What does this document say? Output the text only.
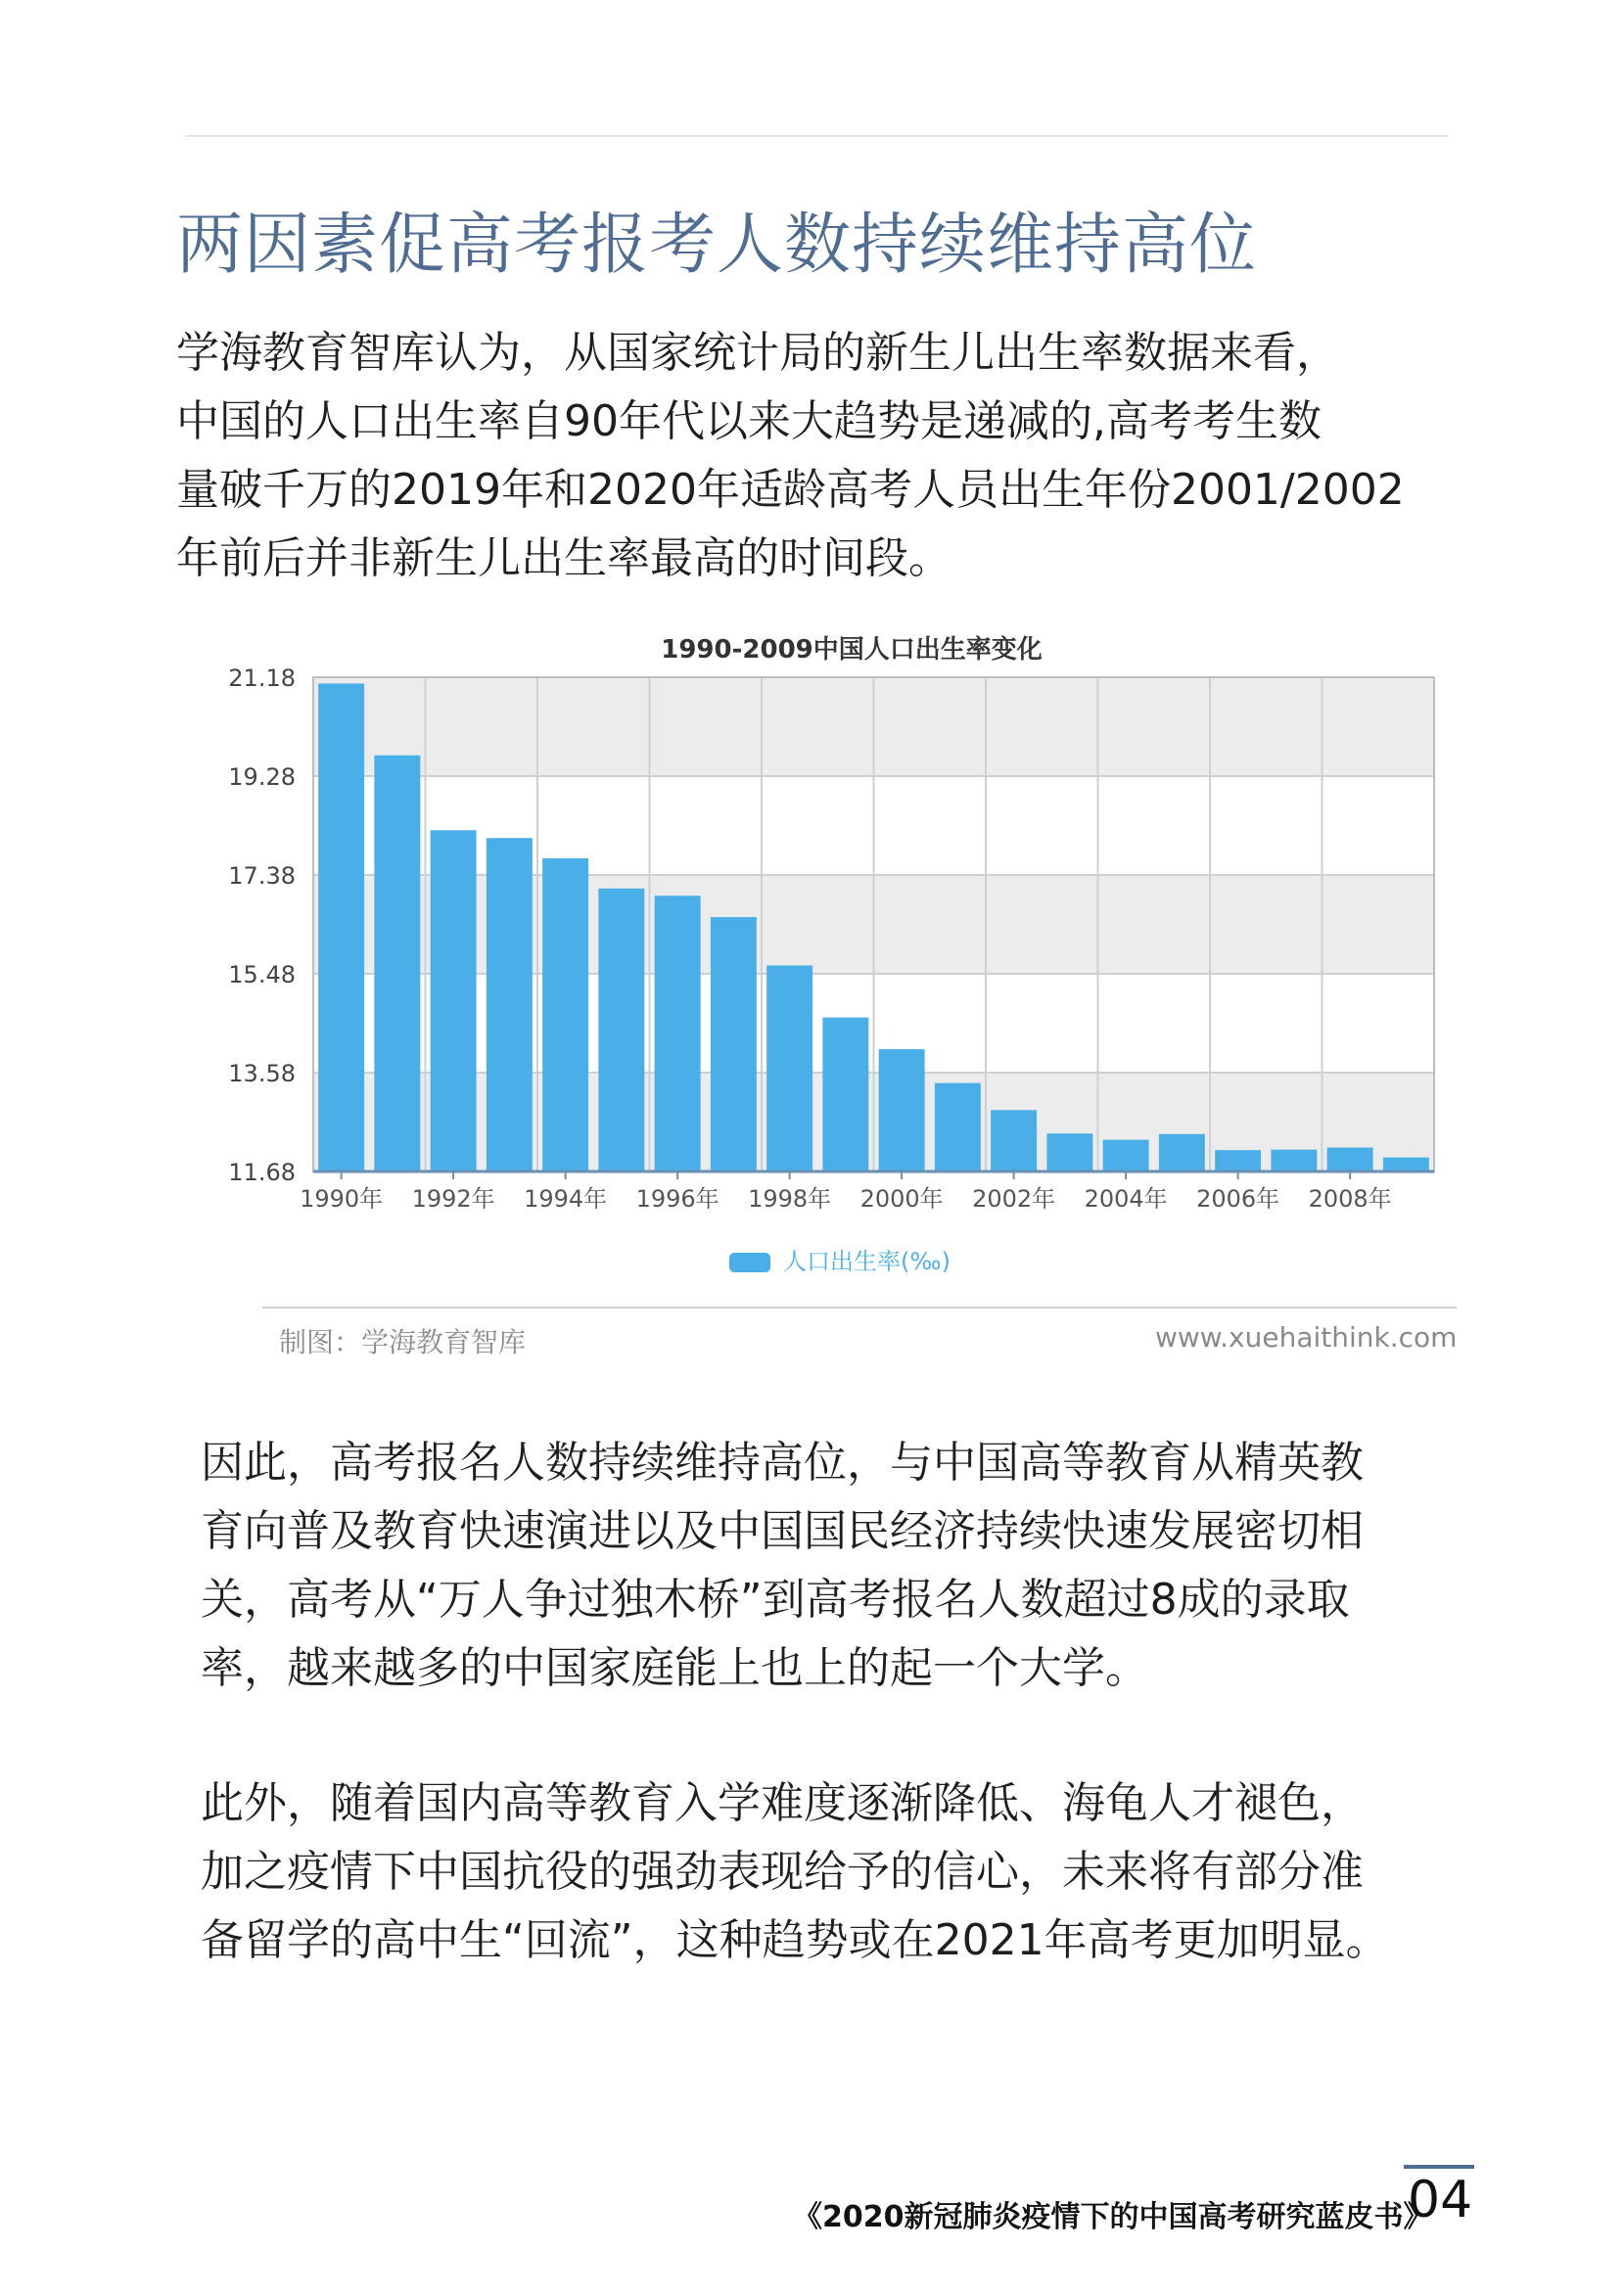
两因素促高考报考人数持续维持高位
学海教育智库认为，从国家统计局的新生儿出生率数据来看，
中国的人口出生率自90年代以来大趋势是递减的,高考考生数
量破千万的2019年和2020年适龄高考人员出生年份2001/2002
年前后并非新生儿出生率最高的时间段。
1990-2009中国人口出生率变化
21.18
19.28
17.38
15.48
13.58
11.68
1990年 1992年 1994年 1996年 1998年 2000年 2002年 2004年 2006年 2008年
人口出生率(‰)
制图：学海教育智库	www.xuehaithink.com
因此，高考报名人数持续维持高位，与中国高等教育从精英教
育向普及教育快速演进以及中国国民经济持续快速发展密切相
关，高考从“万人争过独木桥”到高考报名人数超过8成的录取
率，越来越多的中国家庭能上也上的起一个大学。
此外，随着国内高等教育入学难度逐渐降低、海龟人才褪色，
加之疫情下中国抗役的强劲表现给予的信心，未来将有部分准
备留学的高中生“回流”，这种趋势或在2021年高考更加明显。
《2020新冠肺炎疫情下的中国高考研究蓝皮书》
04
